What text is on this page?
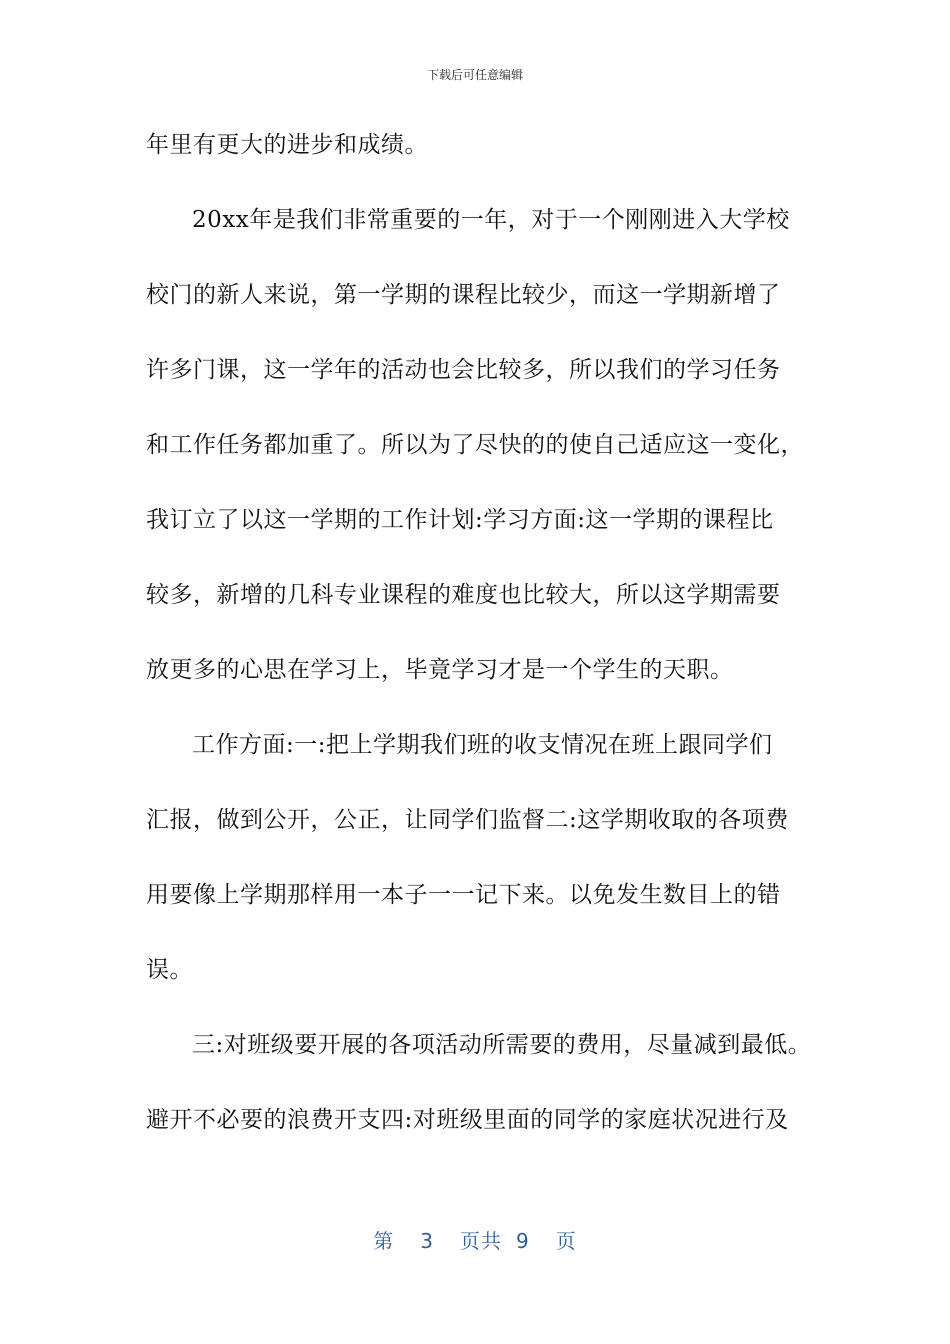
下载后可任意编辑
年里有更大的进步和成绩。
20xx年是我们非常重要的一年，对于一个刚刚进入大学校
校门的新人来说，第一学期的课程比较少，而这一学期新增了
许多门课，这一学年的活动也会比较多，所以我们的学习任务
和工作任务都加重了。所以为了尽快的的使自己适应这一变化，
我订立了以这一学期的工作计划:学习方面:这一学期的课程比
较多，新增的几科专业课程的难度也比较大，所以这学期需要
放更多的心思在学习上，毕竟学习才是一个学生的天职。
工作方面:一:把上学期我们班的收支情况在班上跟同学们
汇报，做到公开，公正，让同学们监督二:这学期收取的各项费
用要像上学期那样用一本子一一记下来。以免发生数目上的错
误。
三:对班级要开展的各项活动所需要的费用，尽量减到最低。
避开不必要的浪费开支四:对班级里面的同学的家庭状况进行及
第 3 页共 9 页
